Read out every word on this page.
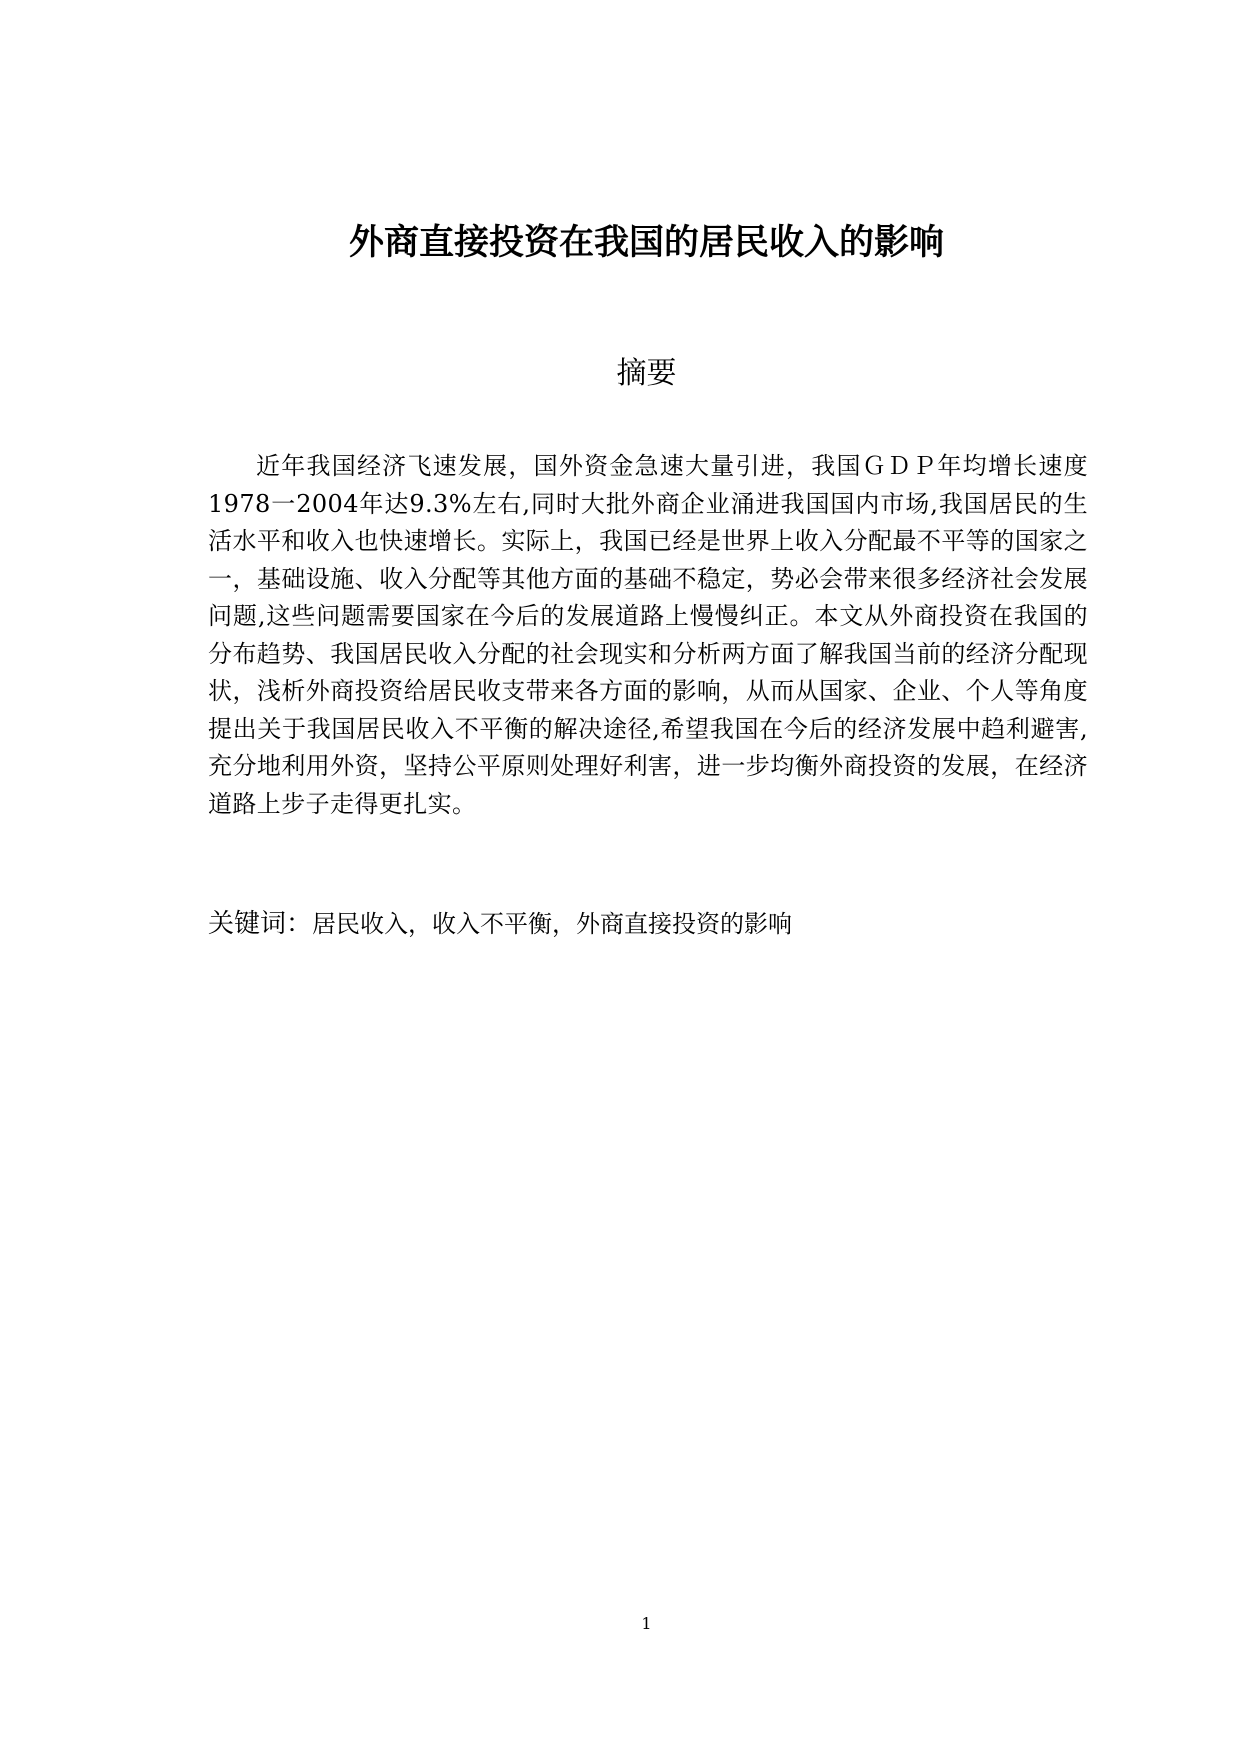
外商直接投资在我国的居民收入的影响
摘要

近年我国经济飞速发展，国外资金急速大量引进，我国ＧＤＰ年均增长速度1978一2004年达9.3%左右,同时大批外商企业涌进我国国内市场,我国居民的生活水平和收入也快速增长。实际上，我国已经是世界上收入分配最不平等的国家之一，基础设施、收入分配等其他方面的基础不稳定，势必会带来很多经济社会发展问题,这些问题需要国家在今后的发展道路上慢慢纠正。本文从外商投资在我国的分布趋势、我国居民收入分配的社会现实和分析两方面了解我国当前的经济分配现状，浅析外商投资给居民收支带来各方面的影响，从而从国家、企业、个人等角度提出关于我国居民收入不平衡的解决途径,希望我国在今后的经济发展中趋利避害,充分地利用外资，坚持公平原则处理好利害，进一步均衡外商投资的发展，在经济道路上步子走得更扎实。

关键词：居民收入，收入不平衡，外商直接投资的影响

1
